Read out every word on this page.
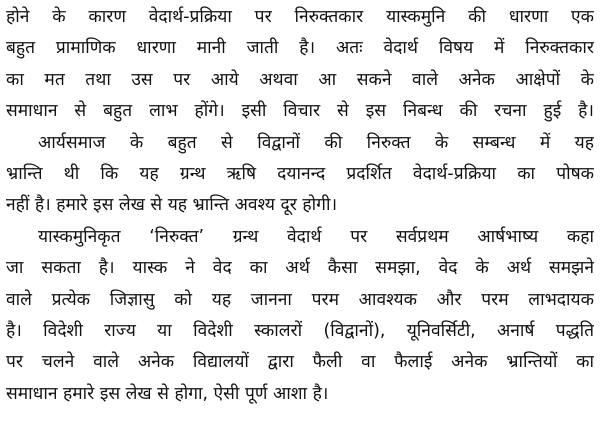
होने के कारण वेदार्थ-प्रक्रिया पर निरुक्तकार यास्कमुनि की धारणा एक
बहुत प्रामाणिक धारणा मानी जाती है। अतः वेदार्थ विषय में निरुक्तकार
का मत तथा उस पर आये अथवा आ सकने वाले अनेक आक्षेपों के
समाधान से बहुत लाभ होंगे। इसी विचार से इस निबन्ध की रचना हुई है।
आर्यसमाज के बहुत से विद्वानों की निरुक्त के सम्बन्ध में यह
भ्रान्ति थी कि यह ग्रन्थ ऋषि दयानन्द प्रदर्शित वेदार्थ-प्रक्रिया का पोषक
नहीं है। हमारे इस लेख से यह भ्रान्ति अवश्य दूर होगी।
यास्कमुनिकृत ‘निरुक्त’ ग्रन्थ वेदार्थ पर सर्वप्रथम आर्षभाष्य कहा
जा सकता है। यास्क ने वेद का अर्थ कैसा समझा, वेद के अर्थ समझने
वाले प्रत्येक जिज्ञासु को यह जानना परम आवश्यक और परम लाभदायक
है। विदेशी राज्य या विदेशी स्कालरों (विद्वानों), यूनिवर्सिटी, अनार्ष पद्धति
पर चलने वाले अनेक विद्यालयों द्वारा फैली वा फैलाई अनेक भ्रान्तियों का
समाधान हमारे इस लेख से होगा, ऐसी पूर्ण आशा है।
